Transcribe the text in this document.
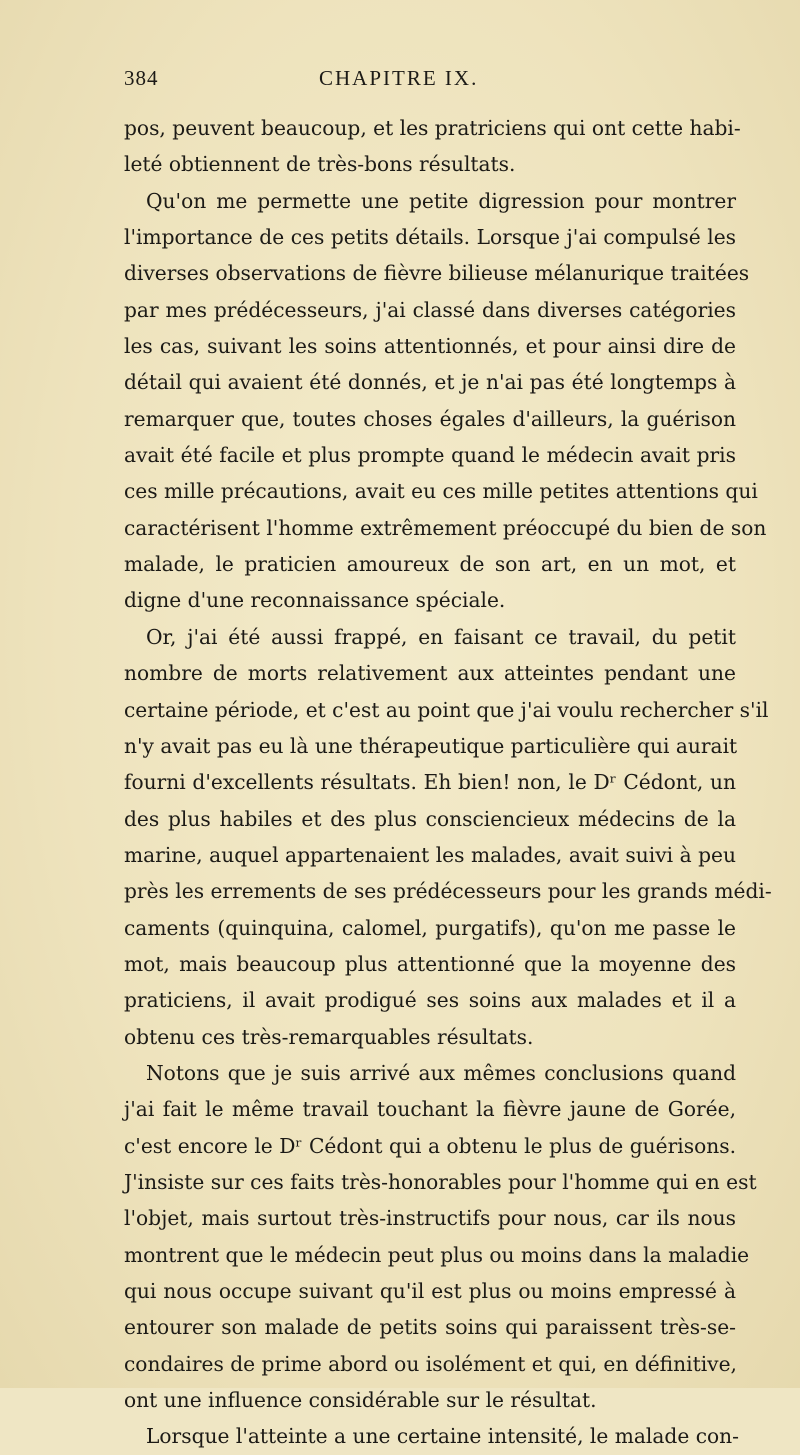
384	CHAPITRE IX.
pos, peuvent beaucoup, et les pratriciens qui ont cette habi-
leté obtiennent de très-bons résultats.
Qu'on me permette une petite digression pour montrer
l'importance de ces petits détails. Lorsque j'ai compulsé les
diverses observations de fièvre bilieuse mélanurique traitées
par mes prédécesseurs, j'ai classé dans diverses catégories
les cas, suivant les soins attentionnés, et pour ainsi dire de
détail qui avaient été donnés, et je n'ai pas été longtemps à
remarquer que, toutes choses égales d'ailleurs, la guérison
avait été facile et plus prompte quand le médecin avait pris
ces mille précautions, avait eu ces mille petites attentions qui
caractérisent l'homme extrêmement préoccupé du bien de son
malade, le praticien amoureux de son art, en un mot, et
digne d'une reconnaissance spéciale.
Or, j'ai été aussi frappé, en faisant ce travail, du petit
nombre de morts relativement aux atteintes pendant une
certaine période, et c'est au point que j'ai voulu rechercher s'il
n'y avait pas eu là une thérapeutique particulière qui aurait
fourni d'excellents résultats. Eh bien! non, le Dʳ Cédont, un
des plus habiles et des plus consciencieux médecins de la
marine, auquel appartenaient les malades, avait suivi à peu
près les errements de ses prédécesseurs pour les grands médi-
caments (quinquina, calomel, purgatifs), qu'on me passe le
mot, mais beaucoup plus attentionné que la moyenne des
praticiens, il avait prodigué ses soins aux malades et il a
obtenu ces très-remarquables résultats.
Notons que je suis arrivé aux mêmes conclusions quand
j'ai fait le même travail touchant la fièvre jaune de Gorée,
c'est encore le Dʳ Cédont qui a obtenu le plus de guérisons.
J'insiste sur ces faits très-honorables pour l'homme qui en est
l'objet, mais surtout très-instructifs pour nous, car ils nous
montrent que le médecin peut plus ou moins dans la maladie
qui nous occupe suivant qu'il est plus ou moins empressé à
entourer son malade de petits soins qui paraissent très-se-
condaires de prime abord ou isolément et qui, en définitive,
ont une influence considérable sur le résultat.
Lorsque l'atteinte a une certaine intensité, le malade con-
